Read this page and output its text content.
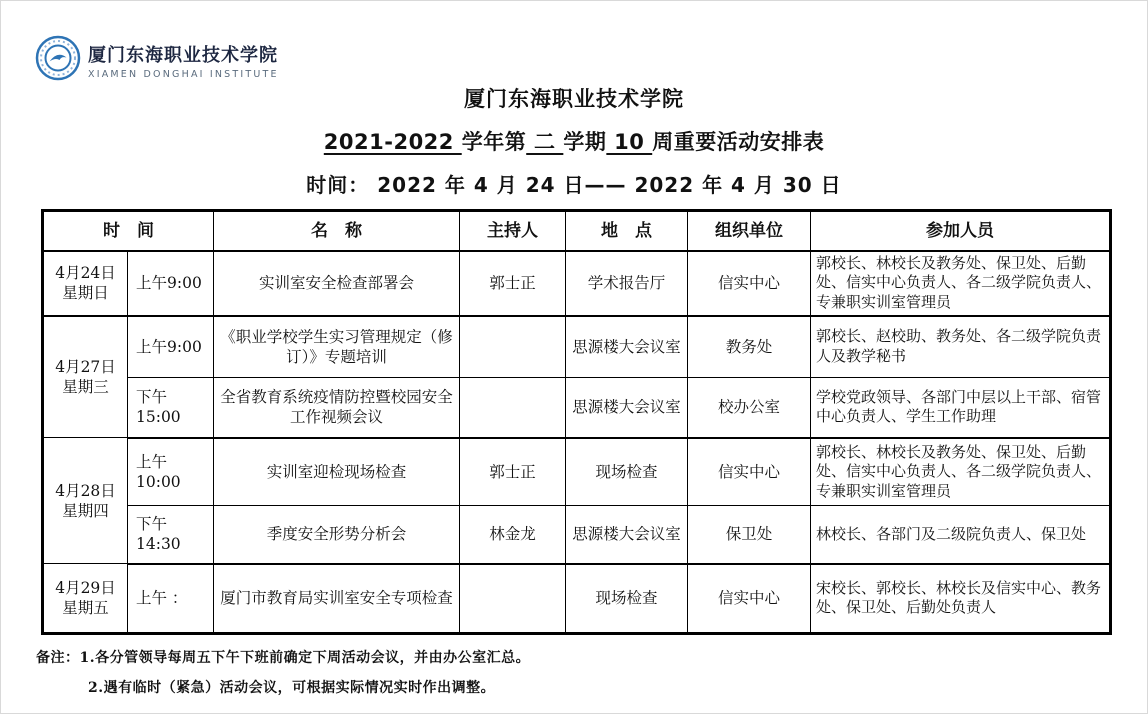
厦门东海职业技术学院
XIAMEN DONGHAI INSTITUTE
厦门东海职业技术学院
2021-2022 学年第 二 学期 10 周重要活动安排表
时间： 2022 年 4 月 24 日—— 2022 年 4 月 30 日
时　间		名　称	主持人	地　点	组织单位	参加人员

4月24日
星期日	上午9:00	实训室安全检查部署会	郭士正	学术报告厅	信实中心	郭校长、林校长及教务处、保卫处、后勤处、信实中心负责人、各二级学院负责人、专兼职实训室管理员

4月27日
星期三	上午9:00	《职业学校学生实习管理规定（修订）》专题培训		思源楼大会议室	教务处	郭校长、赵校助、教务处、各二级学院负责人及教学秘书
	下午15:00	全省教育系统疫情防控暨校园安全工作视频会议		思源楼大会议室	校办公室	学校党政领导、各部门中层以上干部、宿管中心负责人、学生工作助理

4月28日
星期四	上午10:00	实训室迎检现场检查	郭士正	现场检查	信实中心	郭校长、林校长及教务处、保卫处、后勤处、信实中心负责人、各二级学院负责人、专兼职实训室管理员
	下午14:30	季度安全形势分析会	林金龙	思源楼大会议室	保卫处	林校长、各部门及二级院负责人、保卫处

4月29日
星期五	上午 ：	厦门市教育局实训室安全专项检查		现场检查	信实中心	宋校长、郭校长、林校长及信实中心、教务处、保卫处、后勤处负责人
备注：1.各分管领导每周五下午下班前确定下周活动会议，并由办公室汇总。
2.遇有临时（紧急）活动会议，可根据实际情况实时作出调整。
